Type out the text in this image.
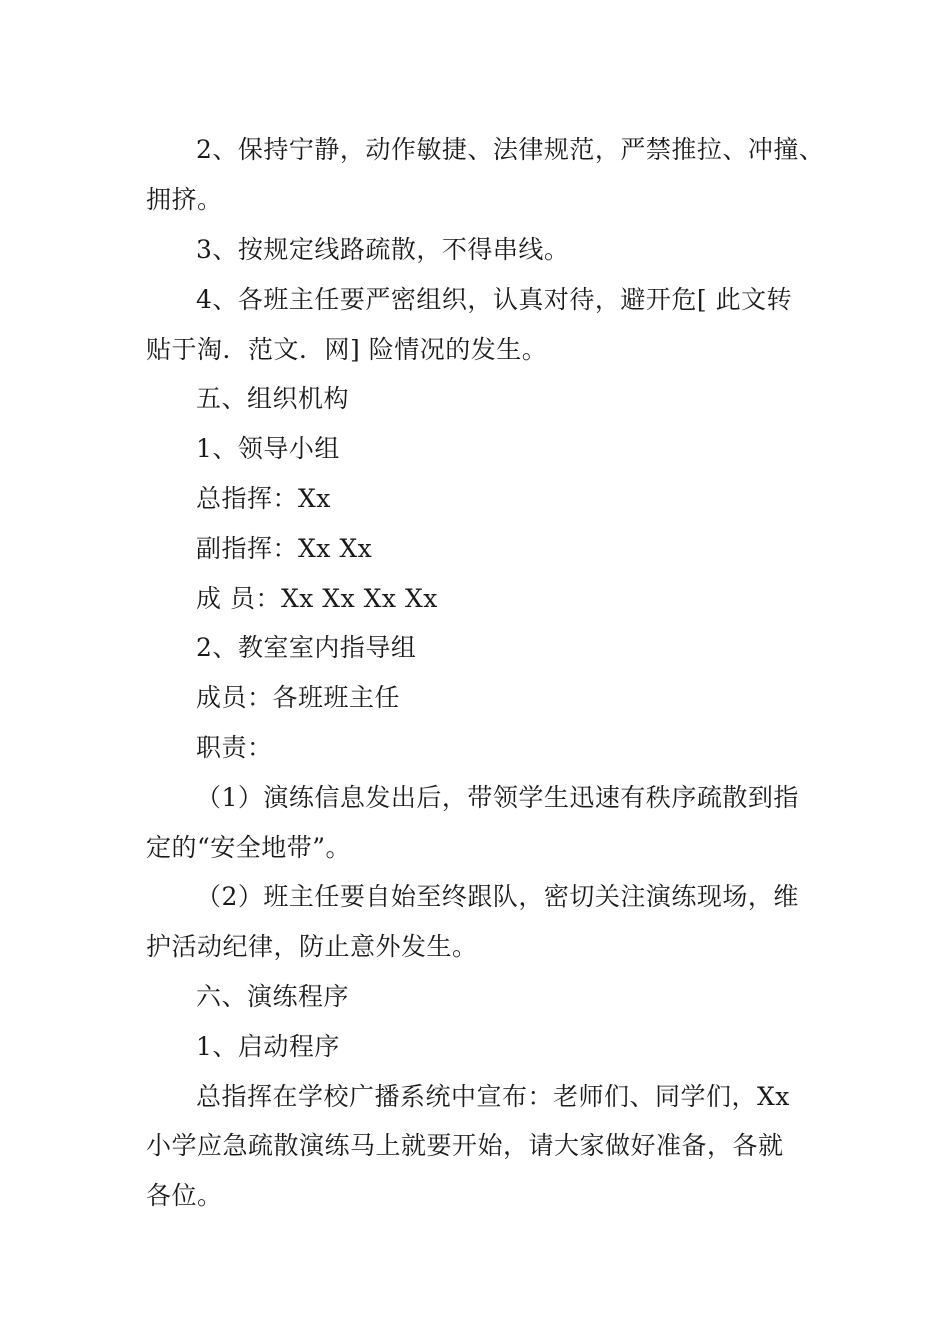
2、保持宁静，动作敏捷、法律规范，严禁推拉、冲撞、
拥挤。
3、按规定线路疏散，不得串线。
4、各班主任要严密组织，认真对待，避开危[ 此文转
贴于淘．范文．网] 险情况的发生。
五、组织机构
1、领导小组
总指挥：Xx
副指挥：Xx Xx
成 员：Xx Xx Xx Xx
2、教室室内指导组
成员：各班班主任
职责：
（1）演练信息发出后，带领学生迅速有秩序疏散到指
定的“安全地带”。
（2）班主任要自始至终跟队，密切关注演练现场，维
护活动纪律，防止意外发生。
六、演练程序
1、启动程序
总指挥在学校广播系统中宣布：老师们、同学们，Xx
小学应急疏散演练马上就要开始，请大家做好准备，各就
各位。
